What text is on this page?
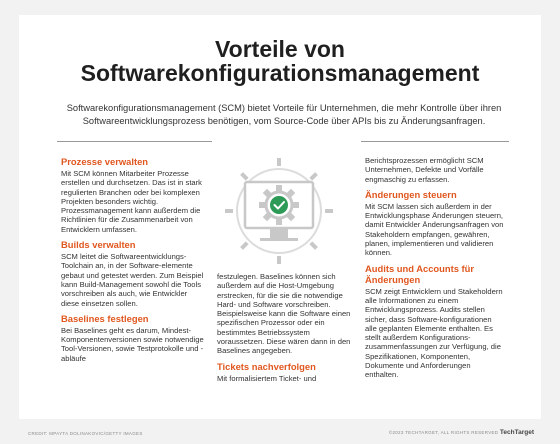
Vorteile von
Softwarekonfigurationsmanagement
Softwarekonfigurationsmanagement (SCM) bietet Vorteile für Unternehmen, die mehr Kontrolle über ihren Softwareentwicklungsprozess benötigen, vom Source-Code über APIs bis zu Änderungsanfragen.
Prozesse verwalten

Mit SCM können Mitarbeiter Prozesse erstellen und durchsetzen. Das ist in stark regulierten Branchen oder bei komplexen Projekten besonders wichtig. Prozessmanagement kann außerdem die Richtlinien für die Zusammenarbeit von Entwicklern umfassen.

Builds verwalten

SCM leitet die Softwareentwicklungs-Toolchain an, in der Software-elemente gebaut und getestet werden. Zum Beispiel kann Build-Management sowohl die Tools vorschreiben als auch, wie Entwickler diese einsetzen sollen.

Baselines festlegen

Bei Baselines geht es darum, Mindest-Komponentenversionen sowie notwendige Tool-Versionen, sowie Testprotokolle und -abläufe

festzulegen. Baselines können sich außerdem auf die Host-Umgebung erstrecken, für die sie die notwendige Hard- und Software vorschreiben. Beispielsweise kann die Software einen spezifischen Prozessor oder ein bestimmtes Betriebssystem voraussetzen. Diese wären dann in den Baselines angegeben.

Tickets nachverfolgen

Mit formalisiertem Ticket- und

Berichtsprozessen ermöglicht SCM Unternehmen, Defekte und Vorfälle engmaschig zu erfassen.

Änderungen steuern

Mit SCM lassen sich außerdem in der Entwicklungsphase Änderungen steuern, damit Entwickler Änderungsanfragen von Stakeholdern empfangen, gewähren, planen, implementieren und validieren können.

Audits und Accounts für Änderungen

SCM zeigt Entwicklern und Stakeholdern alle Informationen zu einem Entwicklungsprozess. Audits stellen sicher, dass Software-konfigurationen alle geplanten Elemente enthalten. Es stellt außerdem Konfigurations-zusammenfassungen zur Verfügung, die Spezifikationen, Komponenten, Dokumente und Anforderungen enthalten.

CREDIT: MPAYTA DOLINAKOVIC/GETTY IMAGES	©2023 TECHTARGET, ALL RIGHTS RESERVED TechTarget
